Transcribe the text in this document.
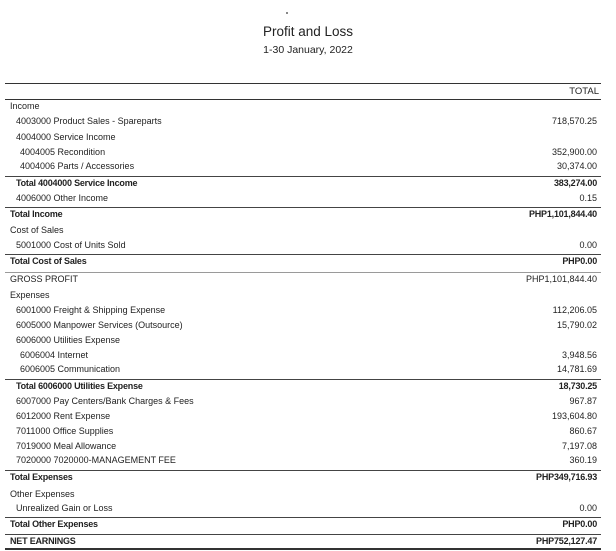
Profit and Loss
1-30 January, 2022
TOTAL
Income
4003000 Product Sales - Spareparts	718,570.25
4004000 Service Income
4004005 Recondition	352,900.00
4004006 Parts / Accessories	30,374.00
Total 4004000 Service Income	383,274.00
4006000 Other Income	0.15
Total Income	PHP1,101,844.40
Cost of Sales
5001000 Cost of Units Sold	0.00
Total Cost of Sales	PHP0.00
GROSS PROFIT	PHP1,101,844.40
Expenses
6001000 Freight & Shipping Expense	112,206.05
6005000 Manpower Services (Outsource)	15,790.02
6006000 Utilities Expense
6006004 Internet	3,948.56
6006005 Communication	14,781.69
Total 6006000 Utilities Expense	18,730.25
6007000 Pay Centers/Bank Charges & Fees	967.87
6012000 Rent Expense	193,604.80
7011000 Office Supplies	860.67
7019000 Meal Allowance	7,197.08
7020000 7020000-MANAGEMENT FEE	360.19
Total Expenses	PHP349,716.93
Other Expenses
Unrealized Gain or Loss	0.00
Total Other Expenses	PHP0.00
NET EARNINGS	PHP752,127.47
